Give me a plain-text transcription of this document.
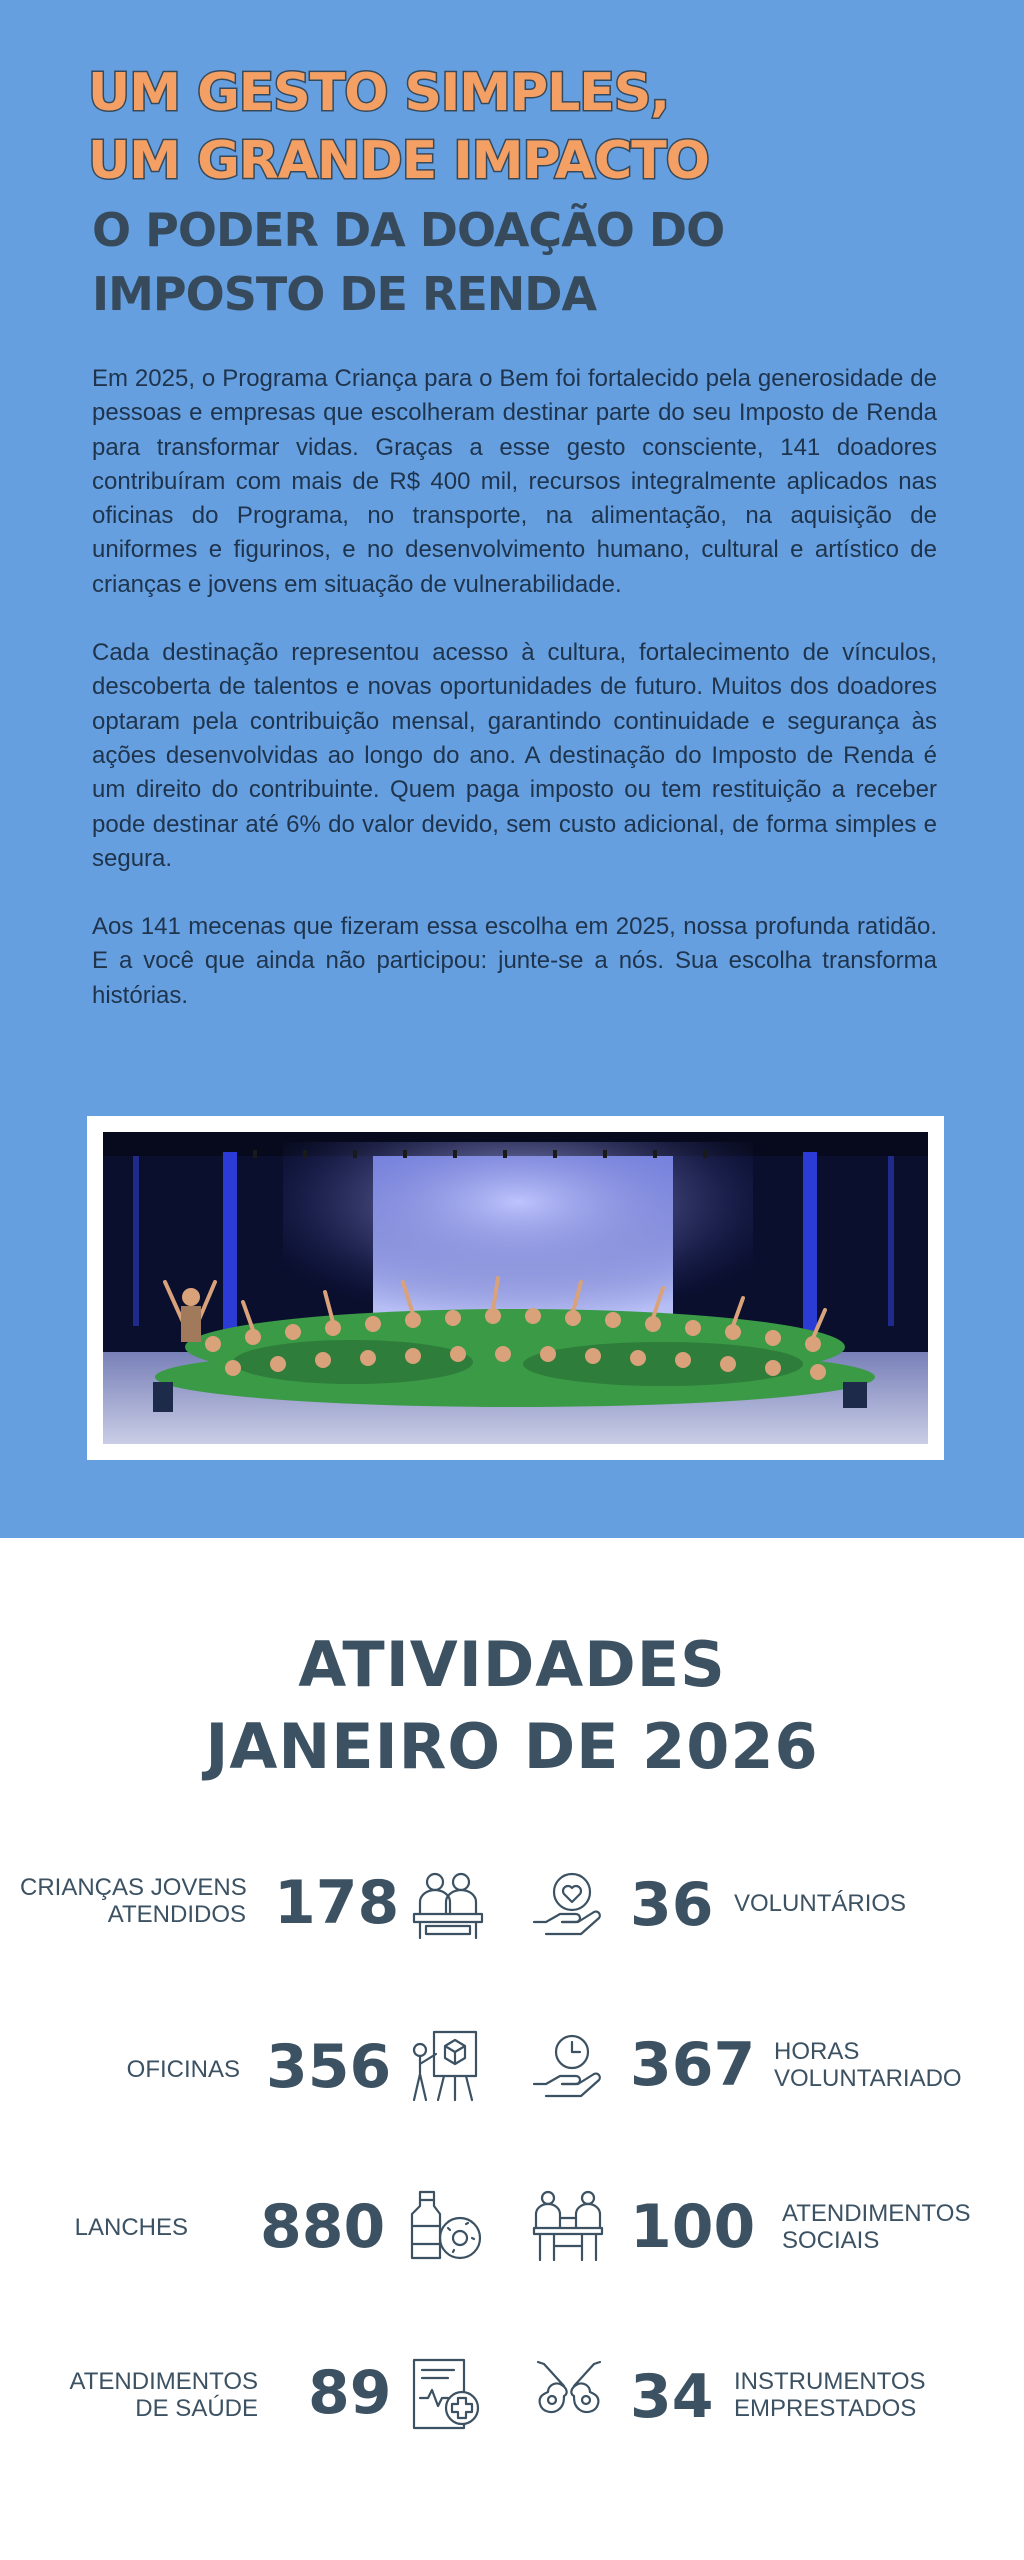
UM GESTO SIMPLES,
UM GRANDE IMPACTO
O PODER DA DOAÇÃO DO
IMPOSTO DE RENDA

Em 2025, o Programa Criança para o Bem foi fortalecido pela generosidade de pessoas e empresas que escolheram destinar parte do seu Imposto de Renda para transformar vidas. Graças a esse gesto consciente, 141 doadores contribuíram com mais de R$ 400 mil, recursos integralmente aplicados nas oficinas do Programa, no transporte, na alimentação, na aquisição de uniformes e figurinos, e no desenvolvimento humano, cultural e artístico de crianças e jovens em situação de vulnerabilidade.

Cada destinação representou acesso à cultura, fortalecimento de vínculos, descoberta de talentos e novas oportunidades de futuro. Muitos dos doadores optaram pela contribuição mensal, garantindo continuidade e segurança às ações desenvolvidas ao longo do ano. A destinação do Imposto de Renda é um direito do contribuinte. Quem paga imposto ou tem restituição a receber pode destinar até 6% do valor devido, sem custo adicional, de forma simples e segura.

Aos 141 mecenas que fizeram essa escolha em 2025, nossa profunda ratidão. E a você que ainda não participou: junte-se a nós. Sua escolha transforma histórias.

ATIVIDADES
JANEIRO DE 2026
CRIANÇAS JOVENS
ATENDIDOS 178	36 VOLUNTÁRIOS
OFICINAS 356	367 HORAS
VOLUNTARIADO
LANCHES 880	100 ATENDIMENTOS
SOCIAIS
ATENDIMENTOS
DE SAÚDE 89	34 INSTRUMENTOS
EMPRESTADOS
